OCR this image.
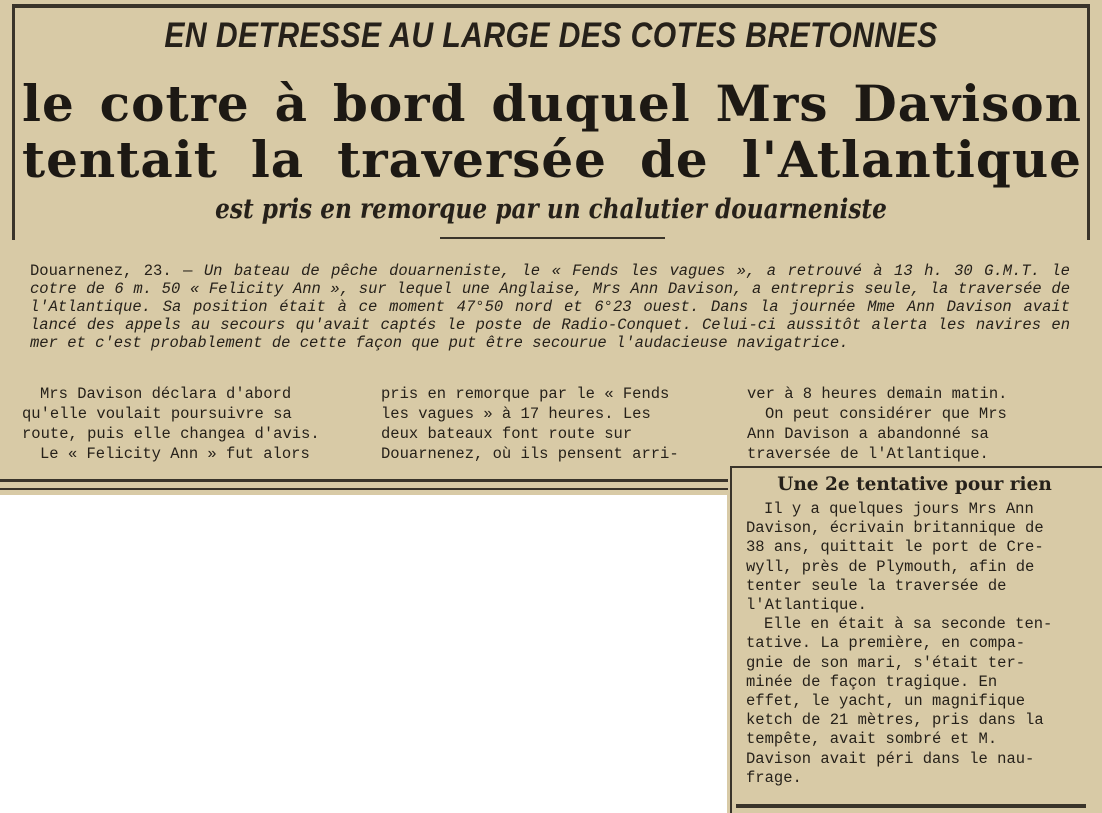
EN DETRESSE AU LARGE DES COTES BRETONNES
le cotre à bord duquel Mrs Davison
tentait la traversée de l'Atlantique
est pris en remorque par un chalutier douarneniste
Douarnenez, 23. — Un bateau de pêche douarneniste, le « Fends les vagues », a retrouvé à 13 h. 30 G.M.T. le cotre de 6 m. 50 « Felicity Ann », sur lequel une Anglaise, Mrs Ann Davison, a entrepris seule, la traversée de l'Atlantique. Sa position était à ce moment 47°50 nord et 6°23 ouest. Dans la journée Mme Ann Davison avait lancé des appels au secours qu'avait captés le poste de Radio-Conquet. Celui-ci aussitôt alerta les navires en mer et c'est probablement de cette façon que put être secourue l'audacieuse navigatrice.
Mrs Davison déclara d'abord
qu'elle voulait poursuivre sa
route, puis elle changea d'avis.
Le « Felicity Ann » fut alors
pris en remorque par le « Fends
les vagues » à 17 heures. Les
deux bateaux font route sur
Douarnenez, où ils pensent arri-
ver à 8 heures demain matin.
On peut considérer que Mrs
Ann Davison a abandonné sa
traversée de l'Atlantique.
Une 2e tentative pour rien
Il y a quelques jours Mrs Ann
Davison, écrivain britannique de
38 ans, quittait le port de Cre-
wyll, près de Plymouth, afin de
tenter seule la traversée de
l'Atlantique.
Elle en était à sa seconde ten-
tative. La première, en compa-
gnie de son mari, s'était ter-
minée de façon tragique. En
effet, le yacht, un magnifique
ketch de 21 mètres, pris dans la
tempête, avait sombré et M.
Davison avait péri dans le nau-
frage.
